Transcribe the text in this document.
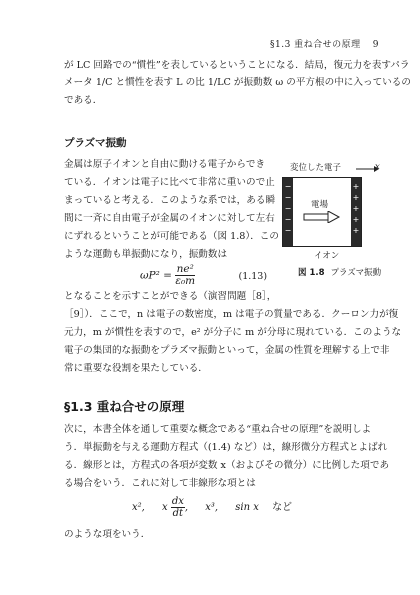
§1.3 重ね合せの原理 9
が LC 回路での“慣性”を表しているということになる．結局，復元力を表すパラ
メータ 1/C と慣性を表す L の比 1/LC が振動数 ω の平方根の中に入っているの
である．
プラズマ振動
金属は原子イオンと自由に動ける電子からでき
ている．イオンは電子に比べて非常に重いので止
まっていると考える．このような系では，ある瞬
間に一斉に自由電子が金属のイオンに対して左右
にずれるということが可能である（図 1.8）．この
ような運動も単振動になり，振動数は
$\omega P^2 = \frac{\text{ne²}}{\text{ε₀m}}$	(1.13)
となることを示すことができる（演習問題［8］，
［9］）．ここで，n は電子の数密度，m は電子の質量である．クーロン力が復
元力，m が慣性を表すので，e² が分子に m が分母に現れている．このような
電子の集団的な振動をプラズマ振動といって，金属の性質を理解する上で非
常に重要な役割を果たしている．
変位した電子	x
−
−
−
−
−
+
+
+
+
+
電場
イオン
図 1.8 プラズマ振動
§1.3 重ね合せの原理
次に，本書全体を通して重要な概念である“重ね合せの原理”を説明しよ
う．単振動を与える運動方程式（(1.4) など）は，線形微分方程式とよばれ
る．線形とは，方程式の各項が変数 x（およびその微分）に比例した項であ
る場合をいう．これに対して非線形な項とは
x², x $\frac{dx}{dt}$ , x³, sin x など
のような項をいう．
